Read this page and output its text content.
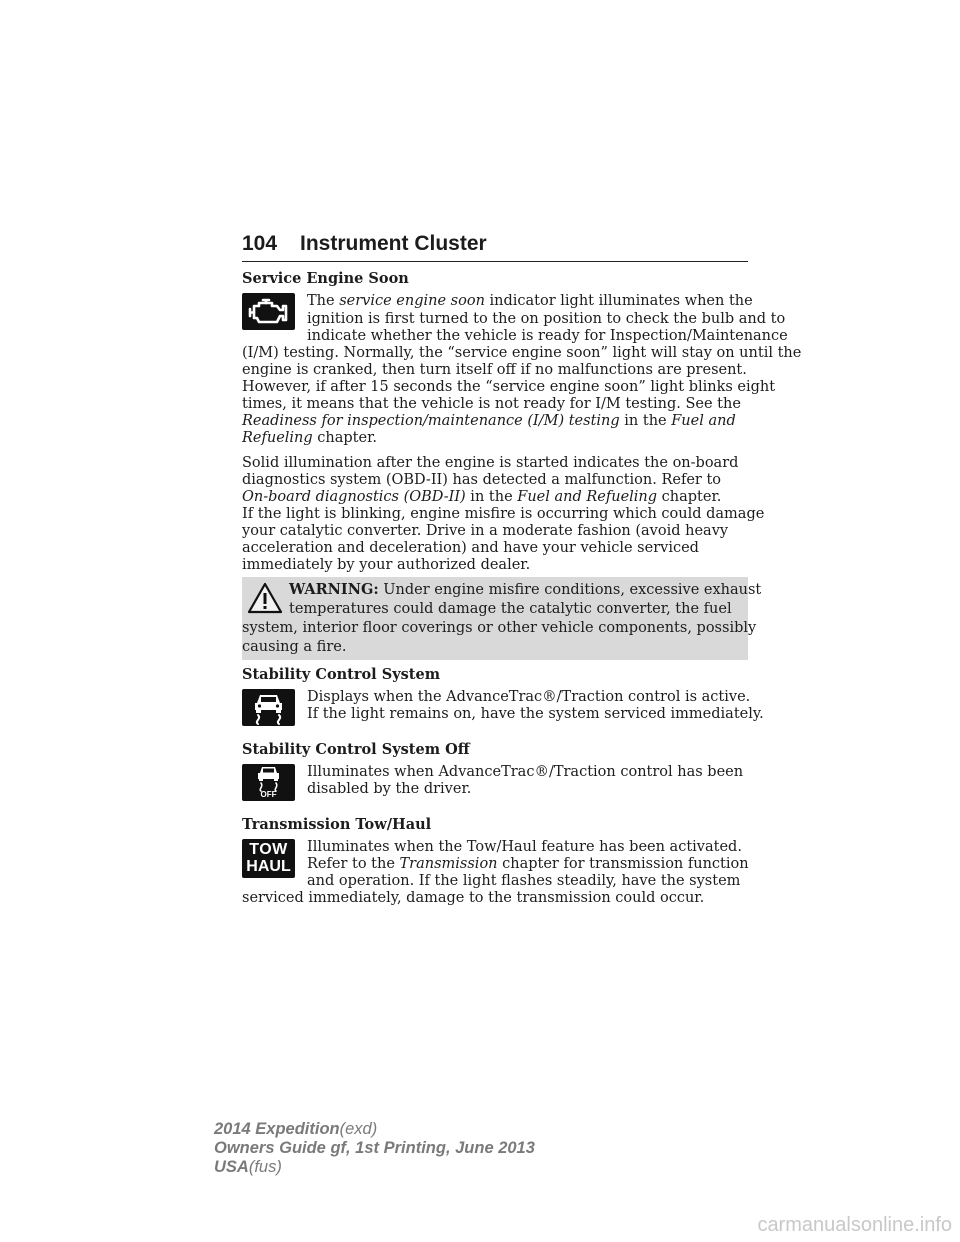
104 Instrument Cluster
Service Engine Soon
The service engine soon indicator light illuminates when the
ignition is first turned to the on position to check the bulb and to
indicate whether the vehicle is ready for Inspection/Maintenance
(I/M) testing. Normally, the “service engine soon” light will stay on until the
engine is cranked, then turn itself off if no malfunctions are present.
However, if after 15 seconds the “service engine soon” light blinks eight
times, it means that the vehicle is not ready for I/M testing. See the
Readiness for inspection/maintenance (I/M) testing in the Fuel and
Refueling chapter.
Solid illumination after the engine is started indicates the on-board
diagnostics system (OBD-II) has detected a malfunction. Refer to
On-board diagnostics (OBD-II) in the Fuel and Refueling chapter.
If the light is blinking, engine misfire is occurring which could damage
your catalytic converter. Drive in a moderate fashion (avoid heavy
acceleration and deceleration) and have your vehicle serviced
immediately by your authorized dealer.
WARNING: Under engine misfire conditions, excessive exhaust
temperatures could damage the catalytic converter, the fuel
system, interior floor coverings or other vehicle components, possibly
causing a fire.
Stability Control System
Displays when the AdvanceTrac®/Traction control is active.
If the light remains on, have the system serviced immediately.
Stability Control System Off
OFF
Illuminates when AdvanceTrac®/Traction control has been
disabled by the driver.
Transmission Tow/Haul
TOW
HAUL
Illuminates when the Tow/Haul feature has been activated.
Refer to the Transmission chapter for transmission function
and operation. If the light flashes steadily, have the system
serviced immediately, damage to the transmission could occur.
2014 Expedition(exd)
Owners Guide gf, 1st Printing, June 2013
USA(fus)
carmanualsonline.info
